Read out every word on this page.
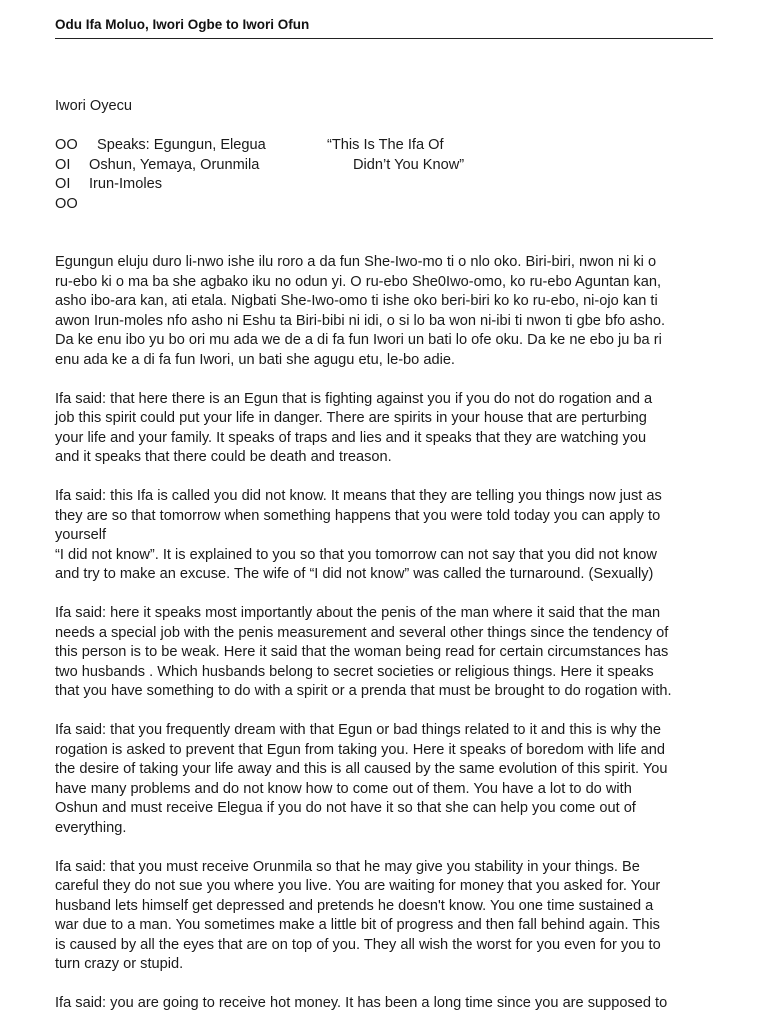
Odu Ifa Moluo, Iwori Ogbe to Iwori Ofun
Iwori Oyecu
OO Speaks: Egungun, Elegua
OI Oshun, Yemaya, Orunmila
OI Irun-Imoles
OO
“This Is The Ifa Of
Didn’t You Know”
Egungun eluju duro li-nwo ishe ilu roro a da fun She-Iwo-mo ti o nlo oko. Biri-biri, nwon ni ki o
ru-ebo ki o ma ba she agbako iku no odun yi. O ru-ebo She0Iwo-omo, ko ru-ebo Aguntan kan,
asho ibo-ara kan, ati etala. Nigbati She-Iwo-omo ti ishe oko beri-biri ko ko ru-ebo, ni-ojo kan ti
awon Irun-moles nfo asho ni Eshu ta Biri-bibi ni idi, o si lo ba won ni-ibi ti nwon ti gbe bfo asho.
Da ke enu ibo yu bo ori mu ada we de a di fa fun Iwori un bati lo ofe oku. Da ke ne ebo ju ba ri
enu ada ke a di fa fun Iwori, un bati she agugu etu, le-bo adie.
Ifa said: that here there is an Egun that is fighting against you if you do not do rogation and a
job this spirit could put your life in danger. There are spirits in your house that are perturbing
your life and your family. It speaks of traps and lies and it speaks that they are watching you
and it speaks that there could be death and treason.
Ifa said: this Ifa is called you did not know. It means that they are telling you things now just as
they are so that tomorrow when something happens that you were told today you can apply to
yourself
“I did not know”. It is explained to you so that you tomorrow can not say that you did not know
and try to make an excuse. The wife of “I did not know” was called the turnaround. (Sexually)
Ifa said: here it speaks most importantly about the penis of the man where it said that the man
needs a special job with the penis measurement and several other things since the tendency of
this person is to be weak. Here it said that the woman being read for certain circumstances has
two husbands . Which husbands belong to secret societies or religious things. Here it speaks
that you have something to do with a spirit or a prenda that must be brought to do rogation with.
Ifa said: that you frequently dream with that Egun or bad things related to it and this is why the
rogation is asked to prevent that Egun from taking you. Here it speaks of boredom with life and
the desire of taking your life away and this is all caused by the same evolution of this spirit. You
have many problems and do not know how to come out of them. You have a lot to do with
Oshun and must receive Elegua if you do not have it so that she can help you come out of
everything.
Ifa said: that you must receive Orunmila so that he may give you stability in your things. Be
careful they do not sue you where you live. You are waiting for money that you asked for. Your
husband lets himself get depressed and pretends he doesn't know. You one time sustained a
war due to a man. You sometimes make a little bit of progress and then fall behind again. This
is caused by all the eyes that are on top of you. They all wish the worst for you even for you to
turn crazy or stupid.
Ifa said: you are going to receive hot money. It has been a long time since you are supposed to
